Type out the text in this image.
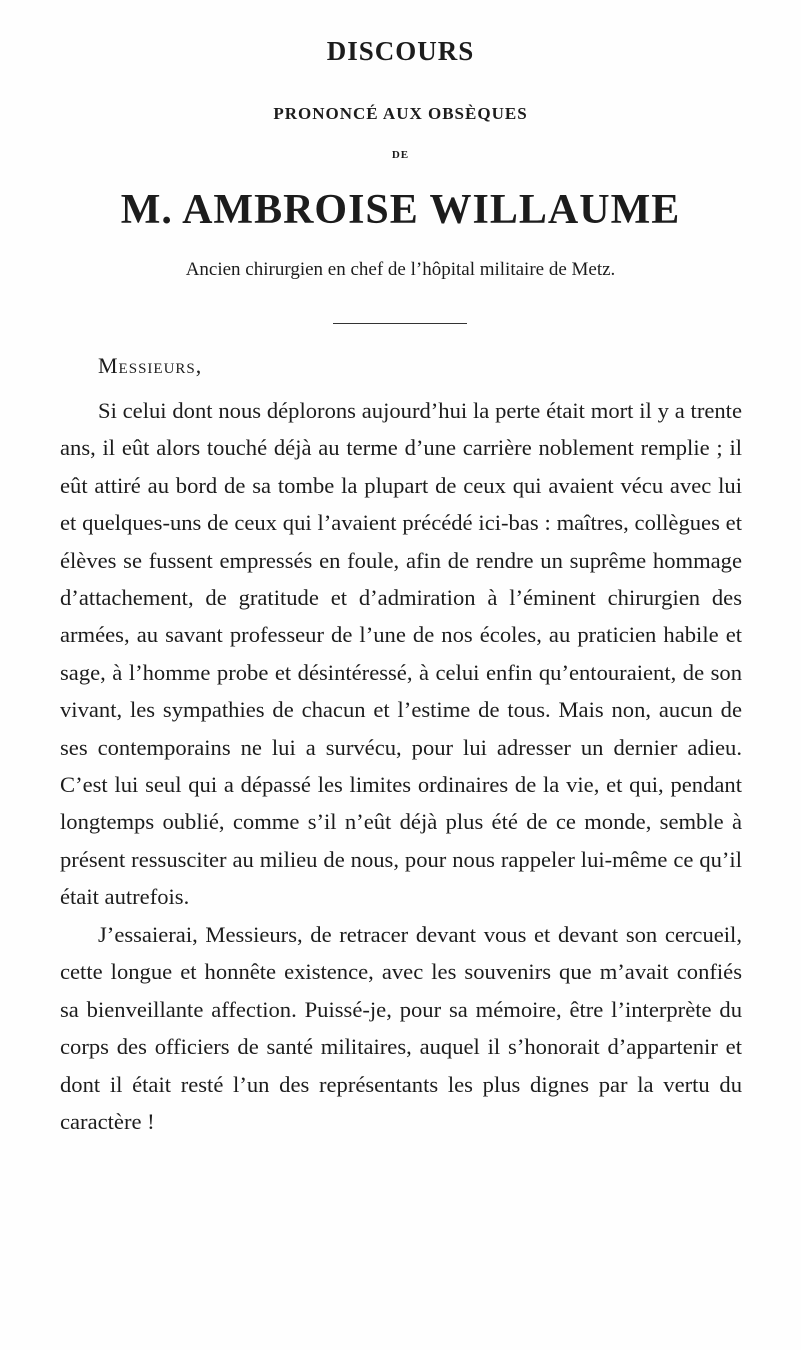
DISCOURS
PRONONCÉ AUX OBSÈQUES
DE
M. AMBROISE WILLAUME
Ancien chirurgien en chef de l’hôpital militaire de Metz.
Messieurs,

Si celui dont nous déplorons aujourd’hui la perte était mort il y a trente ans, il eût alors touché déjà au terme d’une carrière noblement remplie ; il eût attiré au bord de sa tombe la plupart de ceux qui avaient vécu avec lui et quelques-uns de ceux qui l’avaient précédé ici-bas : maîtres, collègues et élèves se fussent empressés en foule, afin de rendre un suprême hommage d’attachement, de gratitude et d’admiration à l’éminent chirurgien des armées, au savant professeur de l’une de nos écoles, au praticien habile et sage, à l’homme probe et désintéressé, à celui enfin qu’entouraient, de son vivant, les sympathies de chacun et l’estime de tous. Mais non, aucun de ses contemporains ne lui a survécu, pour lui adresser un dernier adieu. C’est lui seul qui a dépassé les limites ordinaires de la vie, et qui, pendant longtemps oublié, comme s’il n’eût déjà plus été de ce monde, semble à présent ressusciter au milieu de nous, pour nous rappeler lui-même ce qu’il était autrefois.

J’essaierai, Messieurs, de retracer devant vous et devant son cercueil, cette longue et honnête existence, avec les souvenirs que m’avait confiés sa bienveillante affection. Puissé-je, pour sa mémoire, être l’interprète du corps des officiers de santé militaires, auquel il s’honorait d’appartenir et dont il était resté l’un des représentants les plus dignes par la vertu du caractère !
